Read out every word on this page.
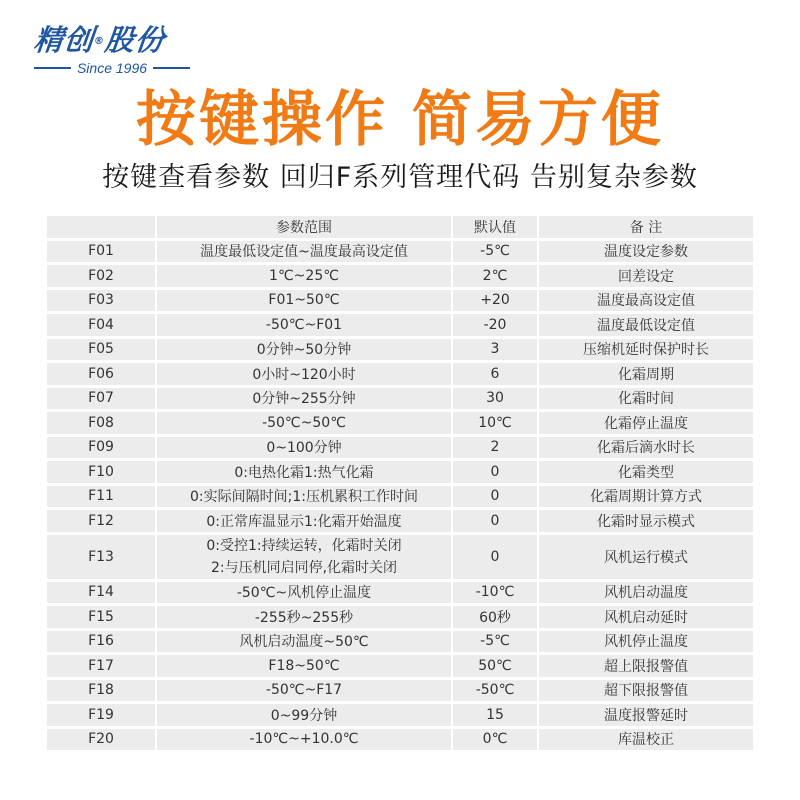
精创®股份
Since 1996
按键操作 简易方便
按键查看参数 回归F系列管理代码 告别复杂参数
	参数范围	默认值	备 注
F01	温度最低设定值~温度最高设定值	-5℃	温度设定参数
F02	1℃~25℃	2℃	回差设定
F03	F01~50℃	+20	温度最高设定值
F04	-50℃~F01	-20	温度最低设定值
F05	0分钟~50分钟	3	压缩机延时保护时长
F06	0小时~120小时	6	化霜周期
F07	0分钟~255分钟	30	化霜时间
F08	-50℃~50℃	10℃	化霜停止温度
F09	0~100分钟	2	化霜后滴水时长
F10	0:电热化霜1:热气化霜	0	化霜类型
F11	0:实际间隔时间;1:压机累积工作时间	0	化霜周期计算方式
F12	0:正常库温显示1:化霜开始温度	0	化霜时显示模式
F13	0:受控1:持续运转，化霜时关闭
2:与压机同启同停,化霜时关闭	0	风机运行模式
F14	-50℃~风机停止温度	-10℃	风机启动温度
F15	-255秒~255秒	60秒	风机启动延时
F16	风机启动温度~50℃	-5℃	风机停止温度
F17	F18~50℃	50℃	超上限报警值
F18	-50℃~F17	-50℃	超下限报警值
F19	0~99分钟	15	温度报警延时
F20	-10℃~+10.0℃	0℃	库温校正
